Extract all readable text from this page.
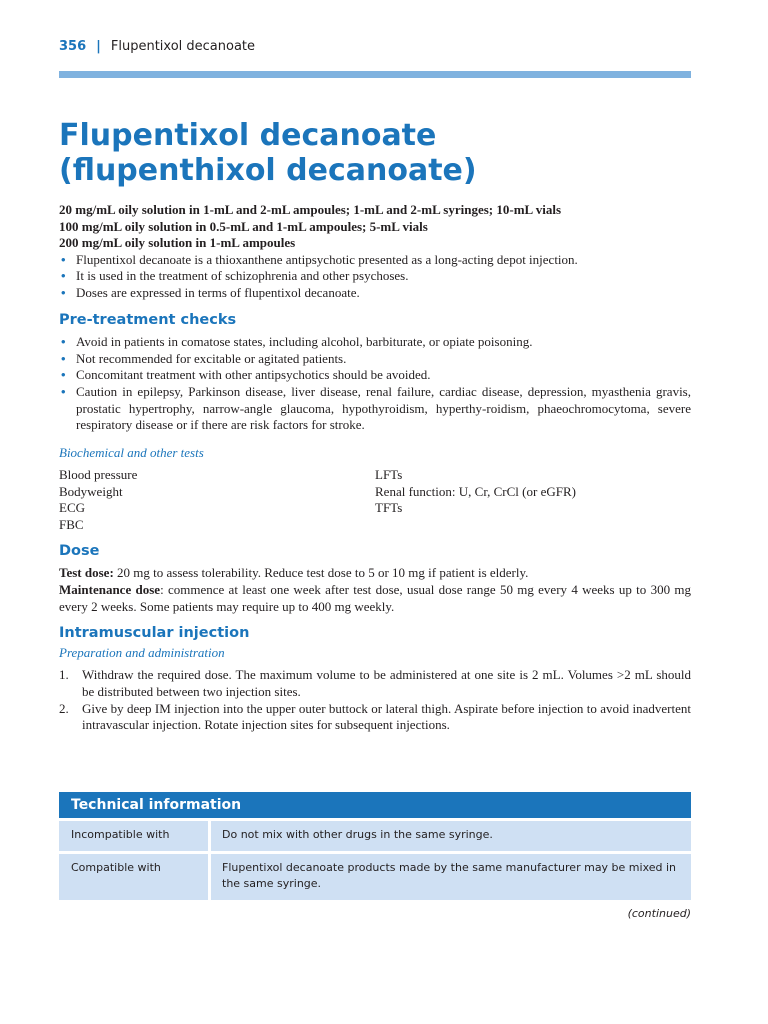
356 | Flupentixol decanoate
Flupentixol decanoate
(flupenthixol decanoate)
20 mg/mL oily solution in 1-mL and 2-mL ampoules; 1-mL and 2-mL syringes; 10-mL vials
100 mg/mL oily solution in 0.5-mL and 1-mL ampoules; 5-mL vials
200 mg/mL oily solution in 1-mL ampoules
• Flupentixol decanoate is a thioxanthene antipsychotic presented as a long-acting depot injection.
• It is used in the treatment of schizophrenia and other psychoses.
• Doses are expressed in terms of flupentixol decanoate.
Pre-treatment checks
• Avoid in patients in comatose states, including alcohol, barbiturate, or opiate poisoning.
• Not recommended for excitable or agitated patients.
• Concomitant treatment with other antipsychotics should be avoided.
• Caution in epilepsy, Parkinson disease, liver disease, renal failure, cardiac disease, depression, myasthenia gravis, prostatic hypertrophy, narrow-angle glaucoma, hypothyroidism, hyperthy-roidism, phaeochromocytoma, severe respiratory disease or if there are risk factors for stroke.
Biochemical and other tests
Blood pressure
Bodyweight
ECG
FBC
LFTs
Renal function: U, Cr, CrCl (or eGFR)
TFTs
Dose

Test dose: 20 mg to assess tolerability. Reduce test dose to 5 or 10 mg if patient is elderly.

Maintenance dose: commence at least one week after test dose, usual dose range 50 mg every 4 weeks up to 300 mg every 2 weeks. Some patients may require up to 400 mg weekly.

Intramuscular injection
Preparation and administration
1. Withdraw the required dose. The maximum volume to be administered at one site is 2 mL. Volumes >2 mL should be distributed between two injection sites.
2. Give by deep IM injection into the upper outer buttock or lateral thigh. Aspirate before injection to avoid inadvertent intravascular injection. Rotate injection sites for subsequent injections.
Technical information
Incompatible with	Do not mix with other drugs in the same syringe.
Compatible with	Flupentixol decanoate products made by the same manufacturer may be mixed in the same syringe.
(continued)
